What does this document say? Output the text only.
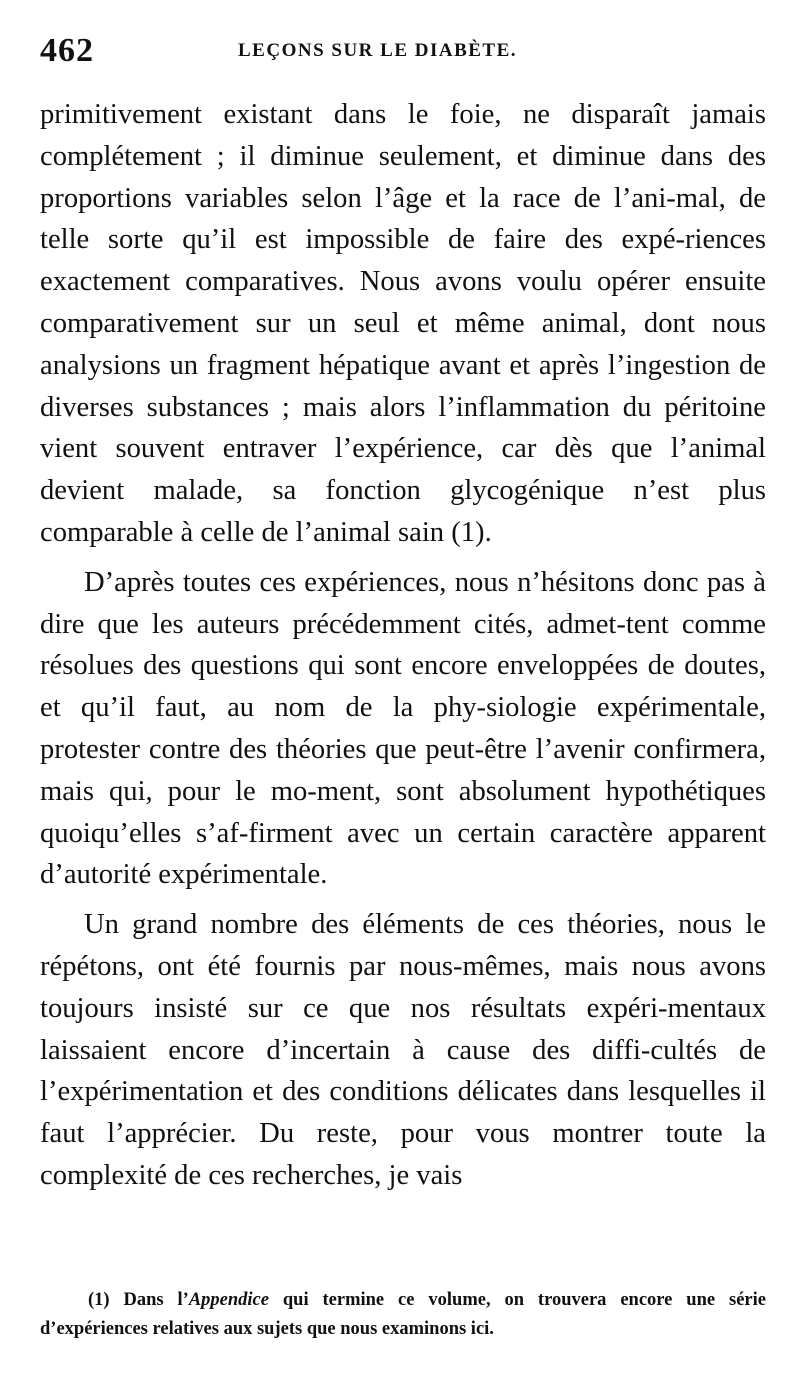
462	LEÇONS SUR LE DIABÈTE.

primitivement existant dans le foie, ne disparaît jamais complétement ; il diminue seulement, et diminue dans des proportions variables selon l’âge et la race de l’ani-mal, de telle sorte qu’il est impossible de faire des expé-riences exactement comparatives. Nous avons voulu opérer ensuite comparativement sur un seul et même animal, dont nous analysions un fragment hépatique avant et après l’ingestion de diverses substances ; mais alors l’inflammation du péritoine vient souvent entraver l’expérience, car dès que l’animal devient malade, sa fonction glycogénique n’est plus comparable à celle de l’animal sain (1).

D’après toutes ces expériences, nous n’hésitons donc pas à dire que les auteurs précédemment cités, admet-tent comme résolues des questions qui sont encore enveloppées de doutes, et qu’il faut, au nom de la phy-siologie expérimentale, protester contre des théories que peut-être l’avenir confirmera, mais qui, pour le mo-ment, sont absolument hypothétiques quoiqu’elles s’af-firment avec un certain caractère apparent d’autorité expérimentale.

Un grand nombre des éléments de ces théories, nous le répétons, ont été fournis par nous-mêmes, mais nous avons toujours insisté sur ce que nos résultats expéri-mentaux laissaient encore d’incertain à cause des diffi-cultés de l’expérimentation et des conditions délicates dans lesquelles il faut l’apprécier. Du reste, pour vous montrer toute la complexité de ces recherches, je vais

(1) Dans l’Appendice qui termine ce volume, on trouvera encore une série d’expériences relatives aux sujets que nous examinons ici.
